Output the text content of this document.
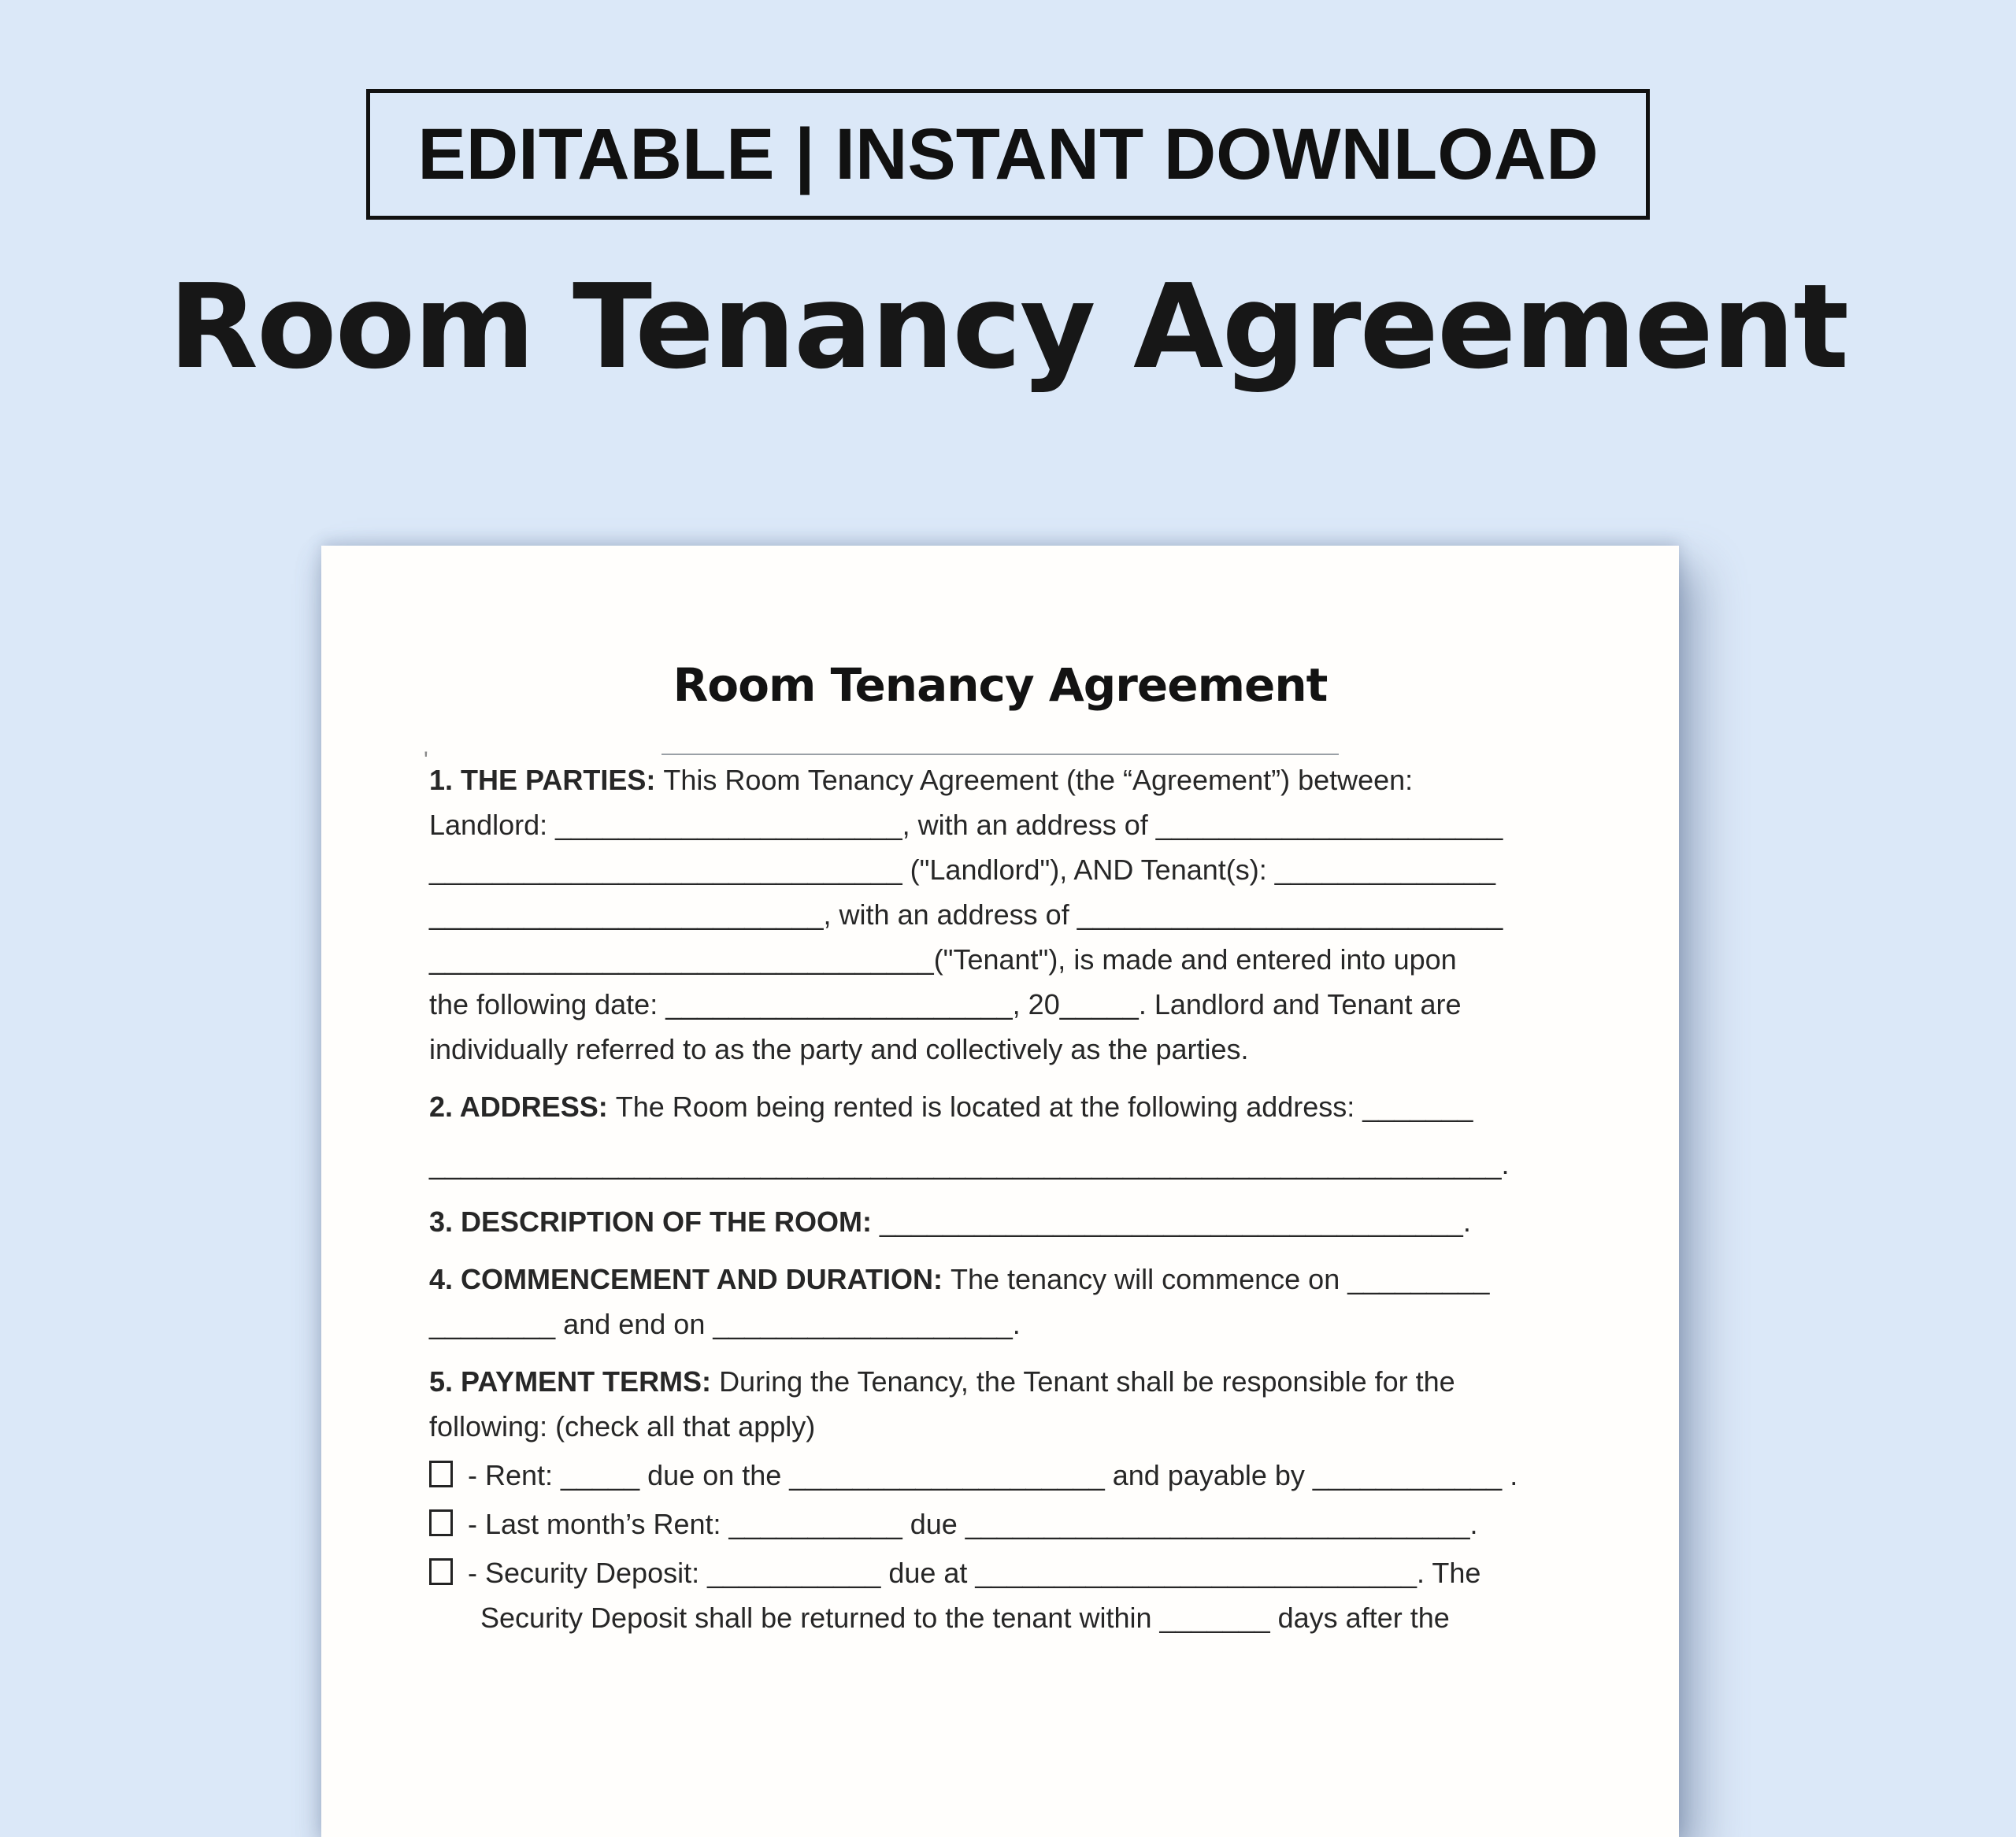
EDITABLE | INSTANT DOWNLOAD
Room Tenancy Agreement
Room Tenancy Agreement
'
1. THE PARTIES: This Room Tenancy Agreement (the “Agreement”) between:
Landlord: ______________________, with an address of ______________________
______________________________ ("Landlord"), AND Tenant(s): ______________
_________________________, with an address of ___________________________
________________________________("Tenant"), is made and entered into upon
the following date: ______________________, 20_____. Landlord and Tenant are
individually referred to as the party and collectively as the parties.
2. ADDRESS: The Room being rented is located at the following address: _______
____________________________________________________________________.
3. DESCRIPTION OF THE ROOM: _____________________________________.
4. COMMENCEMENT AND DURATION: The tenancy will commence on _________
________ and end on ___________________.
5. PAYMENT TERMS: During the Tenancy, the Tenant shall be responsible for the
following: (check all that apply)
- Rent: _____ due on the ____________________ and payable by ____________ .
- Last month’s Rent: ___________ due ________________________________.
- Security Deposit: ___________ due at ____________________________. The
Security Deposit shall be returned to the tenant within _______ days after the
